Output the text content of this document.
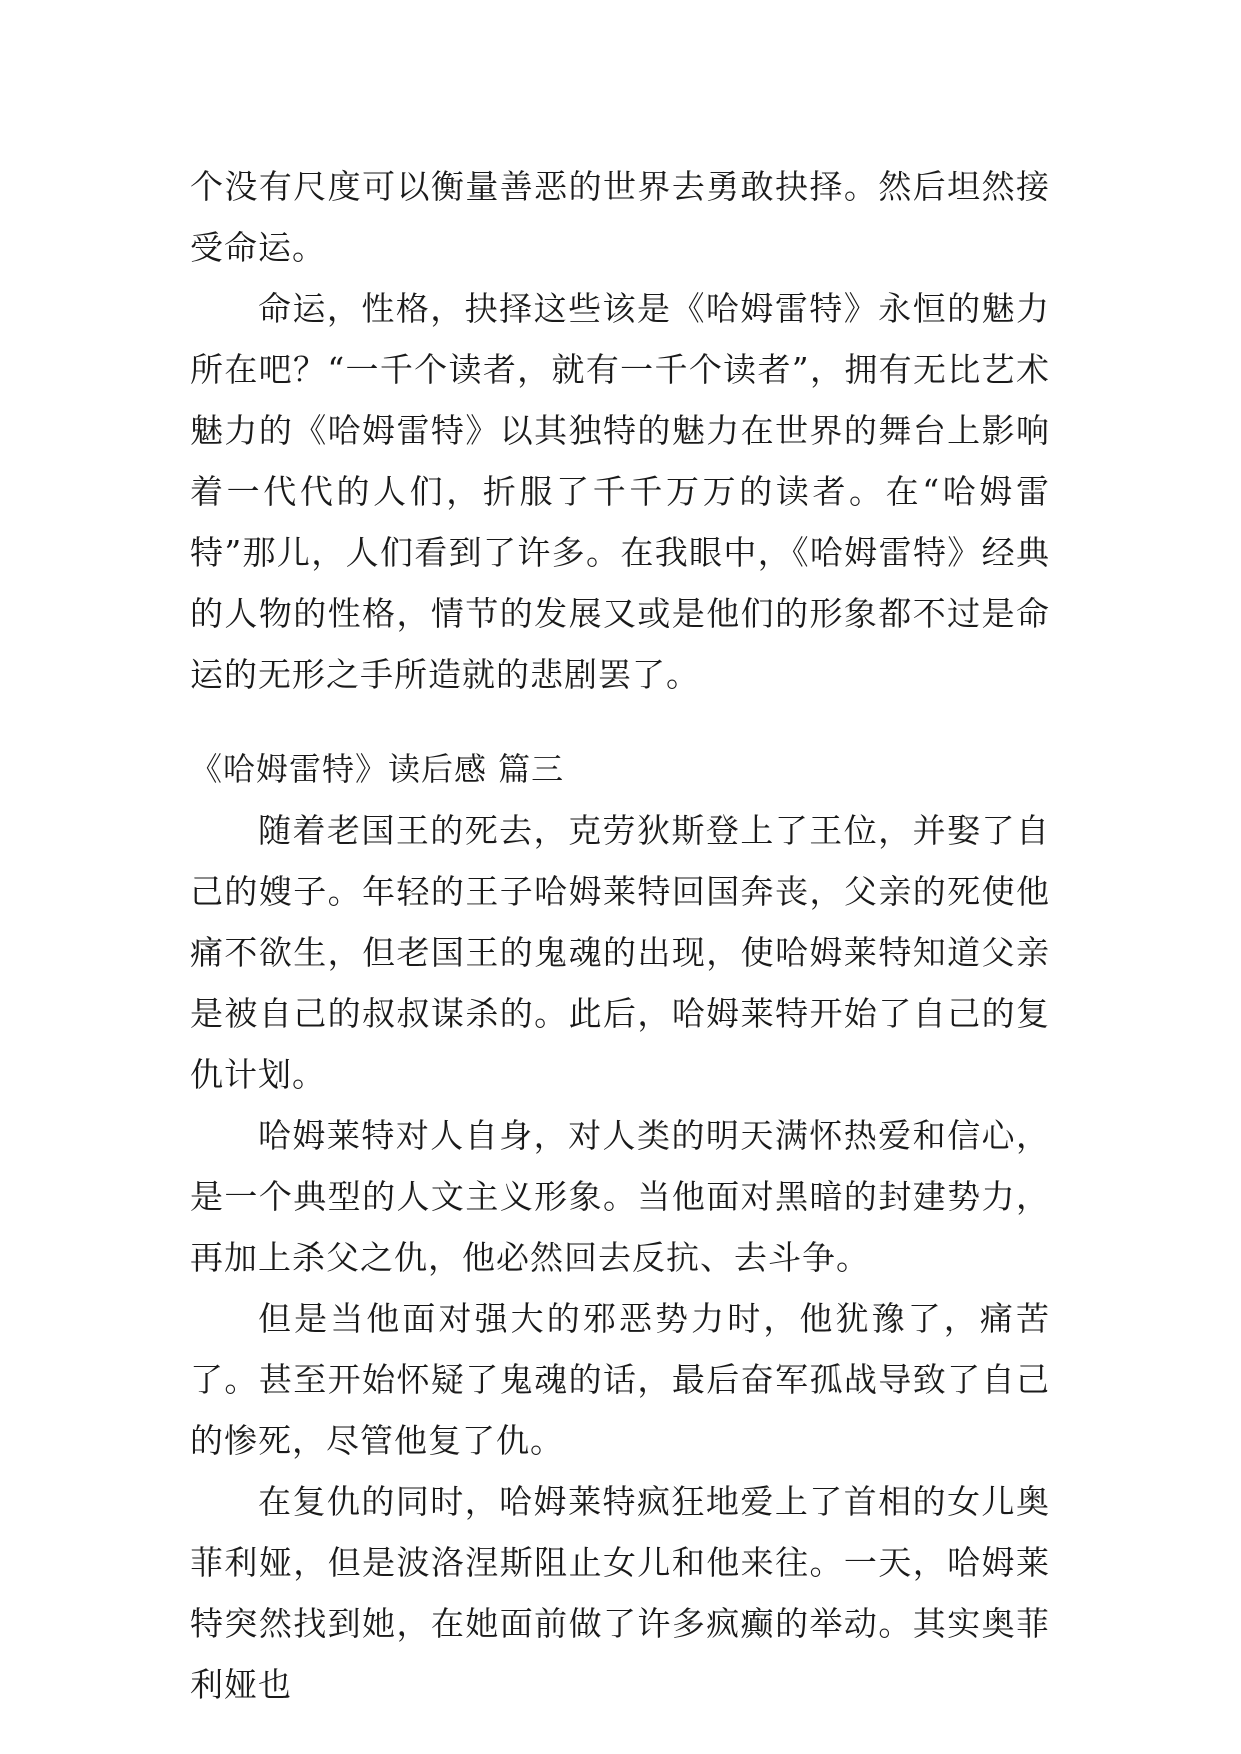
个没有尺度可以衡量善恶的世界去勇敢抉择。然后坦然接受命运。

命运，性格，抉择这些该是《哈姆雷特》永恒的魅力所在吧？“一千个读者，就有一千个读者”，拥有无比艺术魅力的《哈姆雷特》以其独特的魅力在世界的舞台上影响着一代代的人们，折服了千千万万的读者。在“哈姆雷特”那儿，人们看到了许多。在我眼中，《哈姆雷特》经典的人物的性格，情节的发展又或是他们的形象都不过是命运的无形之手所造就的悲剧罢了。

《哈姆雷特》读后感 篇三

随着老国王的死去，克劳狄斯登上了王位，并娶了自己的嫂子。年轻的王子哈姆莱特回国奔丧，父亲的死使他痛不欲生，但老国王的鬼魂的出现，使哈姆莱特知道父亲是被自己的叔叔谋杀的。此后，哈姆莱特开始了自己的复仇计划。

哈姆莱特对人自身，对人类的明天满怀热爱和信心，是一个典型的人文主义形象。当他面对黑暗的封建势力，再加上杀父之仇，他必然回去反抗、去斗争。

但是当他面对强大的邪恶势力时，他犹豫了，痛苦了。甚至开始怀疑了鬼魂的话，最后奋军孤战导致了自己的惨死，尽管他复了仇。

在复仇的同时，哈姆莱特疯狂地爱上了首相的女儿奥菲利娅，但是波洛涅斯阻止女儿和他来往。一天，哈姆莱特突然找到她，在她面前做了许多疯癫的举动。其实奥菲利娅也
